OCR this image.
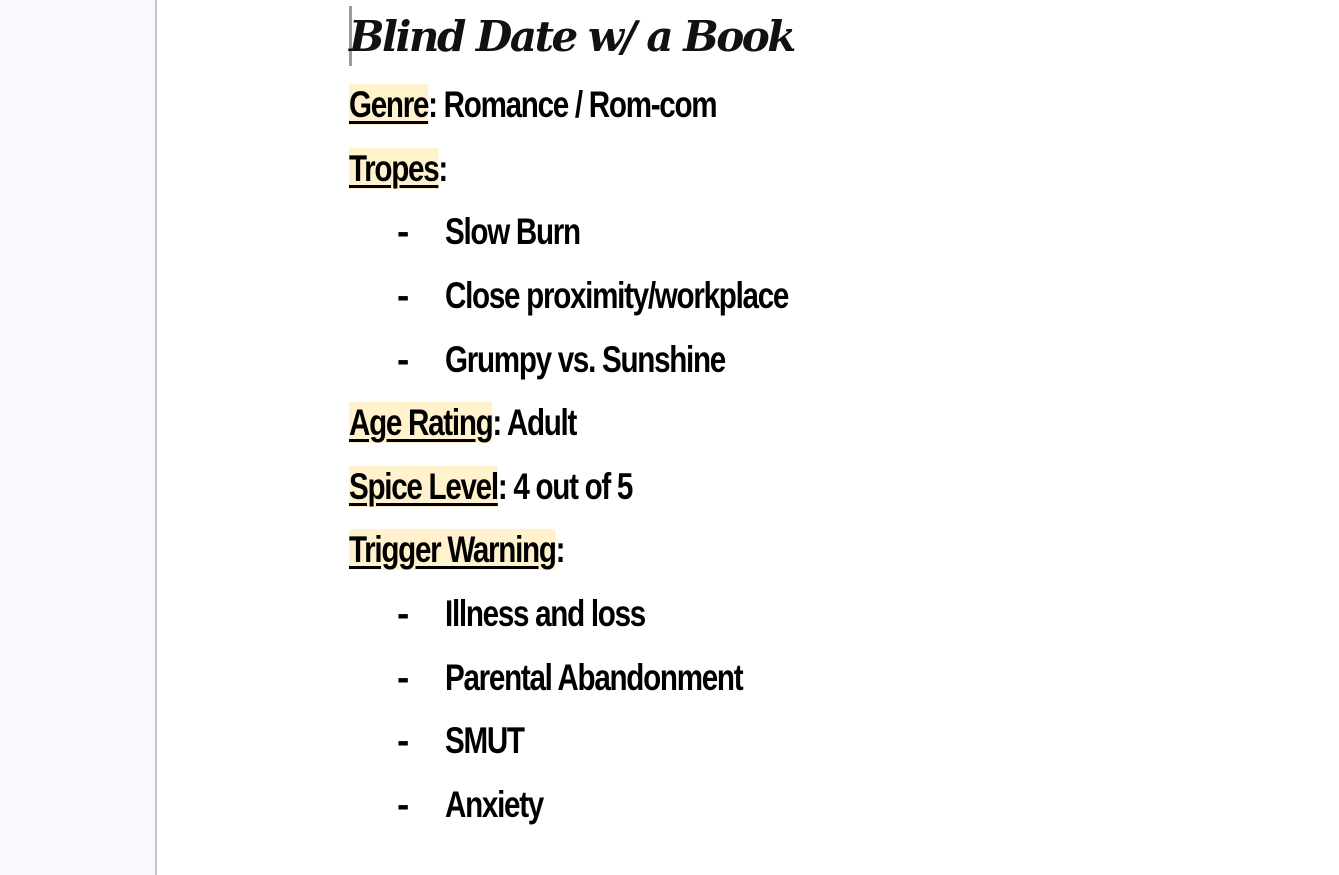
Blind Date w/ a Book
Genre: Romance / Rom-com
Tropes:
- Slow Burn
- Close proximity/workplace
- Grumpy vs. Sunshine
Age Rating: Adult
Spice Level: 4 out of 5
Trigger Warning:
- Illness and loss
- Parental Abandonment
- SMUT
- Anxiety
